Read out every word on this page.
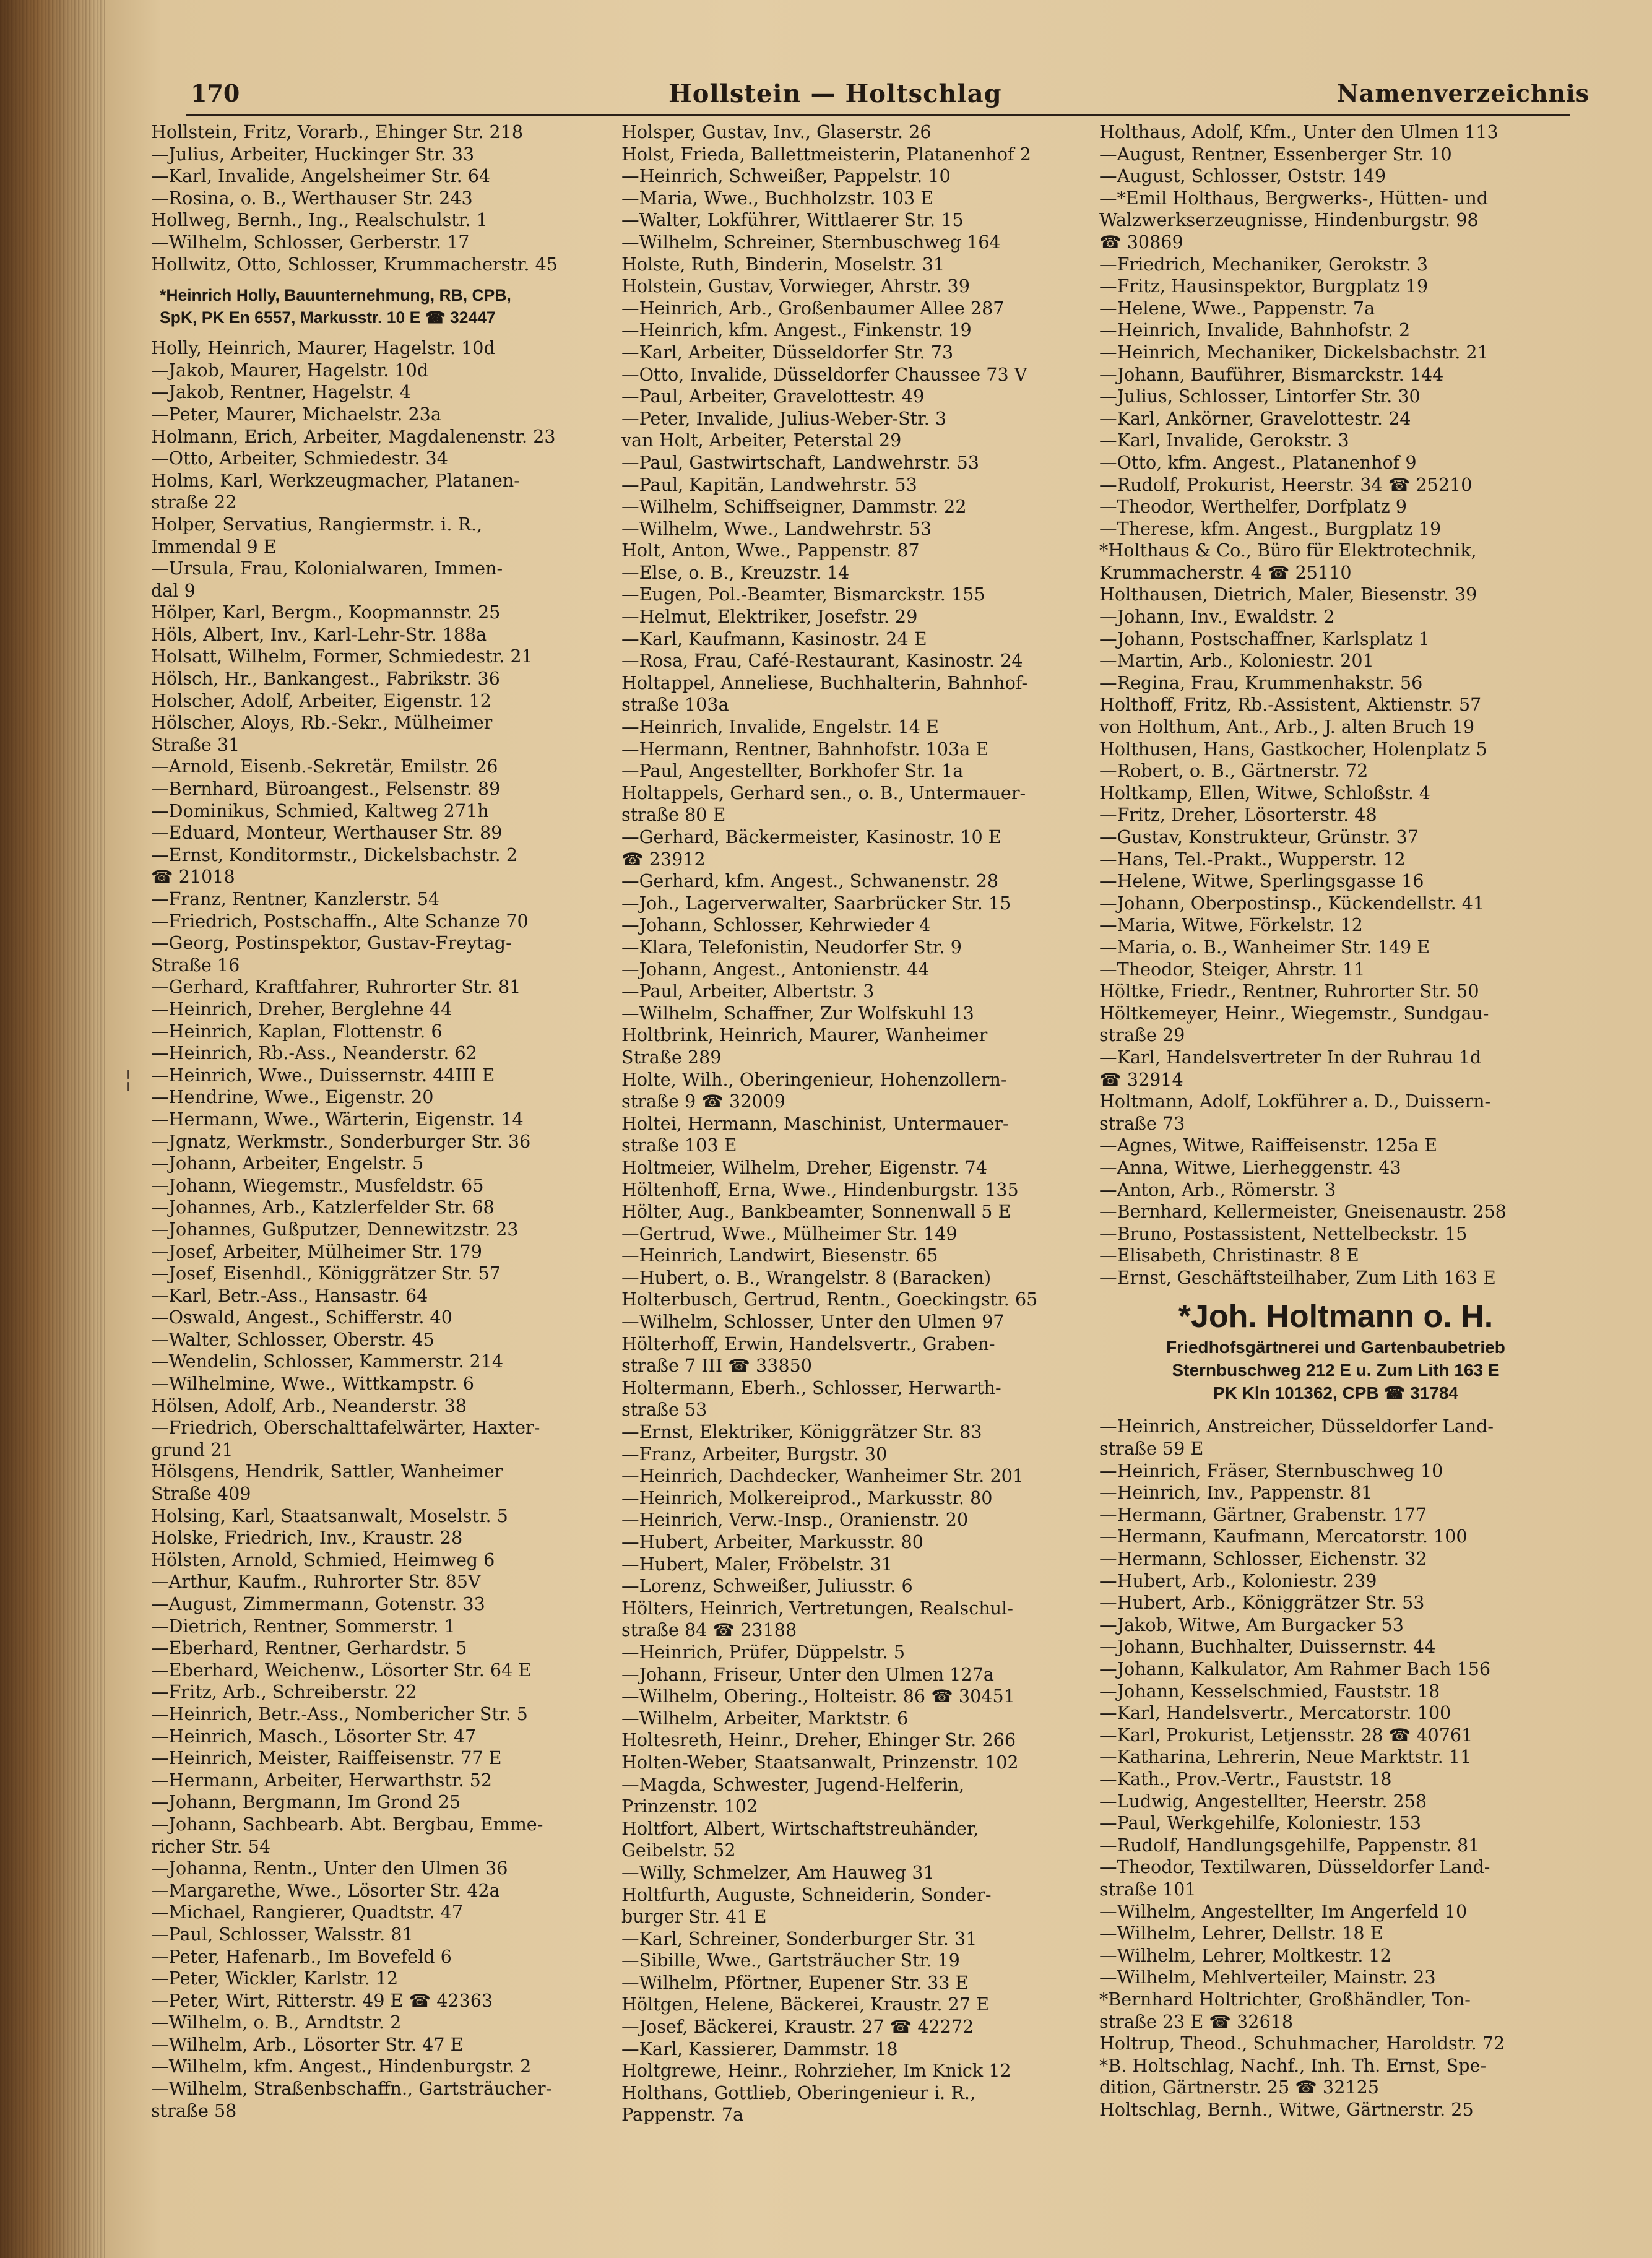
170	Hollstein — Holtschlag	Namenverzeichnis
Hollstein, Fritz, Vorarb., Ehinger Str. 218
—Julius, Arbeiter, Huckinger Str. 33
—Karl, Invalide, Angelsheimer Str. 64
—Rosina, o. B., Werthauser Str. 243
Hollweg, Bernh., Ing., Realschulstr. 1
—Wilhelm, Schlosser, Gerberstr. 17
Hollwitz, Otto, Schlosser, Krummacherstr. 45
*Heinrich Holly, Bauunternehmung, RB, CPB,
SpK, PK En 6557, Markusstr. 10 E ☎ 32447
Holly, Heinrich, Maurer, Hagelstr. 10d
—Jakob, Maurer, Hagelstr. 10d
—Jakob, Rentner, Hagelstr. 4
—Peter, Maurer, Michaelstr. 23a
Holmann, Erich, Arbeiter, Magdalenenstr. 23
—Otto, Arbeiter, Schmiedestr. 34
Holms, Karl, Werkzeugmacher, Platanen-
straße 22
Holper, Servatius, Rangiermstr. i. R.,
Immendal 9 E
—Ursula, Frau, Kolonialwaren, Immen-
dal 9
Hölper, Karl, Bergm., Koopmannstr. 25
Höls, Albert, Inv., Karl-Lehr-Str. 188a
Holsatt, Wilhelm, Former, Schmiedestr. 21
Hölsch, Hr., Bankangest., Fabrikstr. 36
Holscher, Adolf, Arbeiter, Eigenstr. 12
Hölscher, Aloys, Rb.-Sekr., Mülheimer
Straße 31
—Arnold, Eisenb.-Sekretär, Emilstr. 26
—Bernhard, Büroangest., Felsenstr. 89
—Dominikus, Schmied, Kaltweg 271h
—Eduard, Monteur, Werthauser Str. 89
—Ernst, Konditormstr., Dickelsbachstr. 2
☎ 21018
—Franz, Rentner, Kanzlerstr. 54
—Friedrich, Postschaffn., Alte Schanze 70
—Georg, Postinspektor, Gustav-Freytag-
Straße 16
—Gerhard, Kraftfahrer, Ruhrorter Str. 81
—Heinrich, Dreher, Berglehne 44
—Heinrich, Kaplan, Flottenstr. 6
—Heinrich, Rb.-Ass., Neanderstr. 62
—Heinrich, Wwe., Duissernstr. 44III E
—Hendrine, Wwe., Eigenstr. 20
—Hermann, Wwe., Wärterin, Eigenstr. 14
—Jgnatz, Werkmstr., Sonderburger Str. 36
—Johann, Arbeiter, Engelstr. 5
—Johann, Wiegemstr., Musfeldstr. 65
—Johannes, Arb., Katzlerfelder Str. 68
—Johannes, Gußputzer, Dennewitzstr. 23
—Josef, Arbeiter, Mülheimer Str. 179
—Josef, Eisenhdl., Königgrätzer Str. 57
—Karl, Betr.-Ass., Hansastr. 64
—Oswald, Angest., Schifferstr. 40
—Walter, Schlosser, Oberstr. 45
—Wendelin, Schlosser, Kammerstr. 214
—Wilhelmine, Wwe., Wittkampstr. 6
Hölsen, Adolf, Arb., Neanderstr. 38
—Friedrich, Oberschalttafelwärter, Haxter-
grund 21
Hölsgens, Hendrik, Sattler, Wanheimer
Straße 409
Holsing, Karl, Staatsanwalt, Moselstr. 5
Holske, Friedrich, Inv., Kraustr. 28
Hölsten, Arnold, Schmied, Heimweg 6
—Arthur, Kaufm., Ruhrorter Str. 85V
—August, Zimmermann, Gotenstr. 33
—Dietrich, Rentner, Sommerstr. 1
—Eberhard, Rentner, Gerhardstr. 5
—Eberhard, Weichenw., Lösorter Str. 64 E
—Fritz, Arb., Schreiberstr. 22
—Heinrich, Betr.-Ass., Nombericher Str. 5
—Heinrich, Masch., Lösorter Str. 47
—Heinrich, Meister, Raiffeisenstr. 77 E
—Hermann, Arbeiter, Herwarthstr. 52
—Johann, Bergmann, Im Grond 25
—Johann, Sachbearb. Abt. Bergbau, Emme-
richer Str. 54
—Johanna, Rentn., Unter den Ulmen 36
—Margarethe, Wwe., Lösorter Str. 42a
—Michael, Rangierer, Quadtstr. 47
—Paul, Schlosser, Walsstr. 81
—Peter, Hafenarb., Im Bovefeld 6
—Peter, Wickler, Karlstr. 12
—Peter, Wirt, Ritterstr. 49 E ☎ 42363
—Wilhelm, o. B., Arndtstr. 2
—Wilhelm, Arb., Lösorter Str. 47 E
—Wilhelm, kfm. Angest., Hindenburgstr. 2
—Wilhelm, Straßenbschaffn., Gartsträucher-
straße 58
Holsper, Gustav, Inv., Glaserstr. 26
Holst, Frieda, Ballettmeisterin, Platanenhof 2
—Heinrich, Schweißer, Pappelstr. 10
—Maria, Wwe., Buchholzstr. 103 E
—Walter, Lokführer, Wittlaerer Str. 15
—Wilhelm, Schreiner, Sternbuschweg 164
Holste, Ruth, Binderin, Moselstr. 31
Holstein, Gustav, Vorwieger, Ahrstr. 39
—Heinrich, Arb., Großenbaumer Allee 287
—Heinrich, kfm. Angest., Finkenstr. 19
—Karl, Arbeiter, Düsseldorfer Str. 73
—Otto, Invalide, Düsseldorfer Chaussee 73 V
—Paul, Arbeiter, Gravelottestr. 49
—Peter, Invalide, Julius-Weber-Str. 3
van Holt, Arbeiter, Peterstal 29
—Paul, Gastwirtschaft, Landwehrstr. 53
—Paul, Kapitän, Landwehrstr. 53
—Wilhelm, Schiffseigner, Dammstr. 22
—Wilhelm, Wwe., Landwehrstr. 53
Holt, Anton, Wwe., Pappenstr. 87
—Else, o. B., Kreuzstr. 14
—Eugen, Pol.-Beamter, Bismarckstr. 155
—Helmut, Elektriker, Josefstr. 29
—Karl, Kaufmann, Kasinostr. 24 E
—Rosa, Frau, Café-Restaurant, Kasinostr. 24
Holtappel, Anneliese, Buchhalterin, Bahnhof-
straße 103a
—Heinrich, Invalide, Engelstr. 14 E
—Hermann, Rentner, Bahnhofstr. 103a E
—Paul, Angestellter, Borkhofer Str. 1a
Holtappels, Gerhard sen., o. B., Untermauer-
straße 80 E
—Gerhard, Bäckermeister, Kasinostr. 10 E
☎ 23912
—Gerhard, kfm. Angest., Schwanenstr. 28
—Joh., Lagerverwalter, Saarbrücker Str. 15
—Johann, Schlosser, Kehrwieder 4
—Klara, Telefonistin, Neudorfer Str. 9
—Johann, Angest., Antonienstr. 44
—Paul, Arbeiter, Albertstr. 3
—Wilhelm, Schaffner, Zur Wolfskuhl 13
Holtbrink, Heinrich, Maurer, Wanheimer
Straße 289
Holte, Wilh., Oberingenieur, Hohenzollern-
straße 9 ☎ 32009
Holtei, Hermann, Maschinist, Untermauer-
straße 103 E
Holtmeier, Wilhelm, Dreher, Eigenstr. 74
Höltenhoff, Erna, Wwe., Hindenburgstr. 135
Hölter, Aug., Bankbeamter, Sonnenwall 5 E
—Gertrud, Wwe., Mülheimer Str. 149
—Heinrich, Landwirt, Biesenstr. 65
—Hubert, o. B., Wrangelstr. 8 (Baracken)
Holterbusch, Gertrud, Rentn., Goeckingstr. 65
—Wilhelm, Schlosser, Unter den Ulmen 97
Hölterhoff, Erwin, Handelsvertr., Graben-
straße 7 III ☎ 33850
Holtermann, Eberh., Schlosser, Herwarth-
straße 53
—Ernst, Elektriker, Königgrätzer Str. 83
—Franz, Arbeiter, Burgstr. 30
—Heinrich, Dachdecker, Wanheimer Str. 201
—Heinrich, Molkereiprod., Markusstr. 80
—Heinrich, Verw.-Insp., Oranienstr. 20
—Hubert, Arbeiter, Markusstr. 80
—Hubert, Maler, Fröbelstr. 31
—Lorenz, Schweißer, Juliusstr. 6
Hölters, Heinrich, Vertretungen, Realschul-
straße 84 ☎ 23188
—Heinrich, Prüfer, Düppelstr. 5
—Johann, Friseur, Unter den Ulmen 127a
—Wilhelm, Obering., Holteistr. 86 ☎ 30451
—Wilhelm, Arbeiter, Marktstr. 6
Holtesreth, Heinr., Dreher, Ehinger Str. 266
Holten-Weber, Staatsanwalt, Prinzenstr. 102
—Magda, Schwester, Jugend-Helferin,
Prinzenstr. 102
Holtfort, Albert, Wirtschaftstreuhänder,
Geibelstr. 52
—Willy, Schmelzer, Am Hauweg 31
Holtfurth, Auguste, Schneiderin, Sonder-
burger Str. 41 E
—Karl, Schreiner, Sonderburger Str. 31
—Sibille, Wwe., Gartsträucher Str. 19
—Wilhelm, Pförtner, Eupener Str. 33 E
Höltgen, Helene, Bäckerei, Kraustr. 27 E
—Josef, Bäckerei, Kraustr. 27 ☎ 42272
—Karl, Kassierer, Dammstr. 18
Holtgrewe, Heinr., Rohrzieher, Im Knick 12
Holthans, Gottlieb, Oberingenieur i. R.,
Pappenstr. 7a
Holthaus, Adolf, Kfm., Unter den Ulmen 113
—August, Rentner, Essenberger Str. 10
—August, Schlosser, Oststr. 149
—*Emil Holthaus, Bergwerks-, Hütten- und
Walzwerkserzeugnisse, Hindenburgstr. 98
☎ 30869
—Friedrich, Mechaniker, Gerokstr. 3
—Fritz, Hausinspektor, Burgplatz 19
—Helene, Wwe., Pappenstr. 7a
—Heinrich, Invalide, Bahnhofstr. 2
—Heinrich, Mechaniker, Dickelsbachstr. 21
—Johann, Bauführer, Bismarckstr. 144
—Julius, Schlosser, Lintorfer Str. 30
—Karl, Ankörner, Gravelottestr. 24
—Karl, Invalide, Gerokstr. 3
—Otto, kfm. Angest., Platanenhof 9
—Rudolf, Prokurist, Heerstr. 34 ☎ 25210
—Theodor, Werthelfer, Dorfplatz 9
—Therese, kfm. Angest., Burgplatz 19
*Holthaus & Co., Büro für Elektrotechnik,
Krummacherstr. 4 ☎ 25110
Holthausen, Dietrich, Maler, Biesenstr. 39
—Johann, Inv., Ewaldstr. 2
—Johann, Postschaffner, Karlsplatz 1
—Martin, Arb., Koloniestr. 201
—Regina, Frau, Krummenhakstr. 56
Holthoff, Fritz, Rb.-Assistent, Aktienstr. 57
von Holthum, Ant., Arb., J. alten Bruch 19
Holthusen, Hans, Gastkocher, Holenplatz 5
—Robert, o. B., Gärtnerstr. 72
Holtkamp, Ellen, Witwe, Schloßstr. 4
—Fritz, Dreher, Lösorterstr. 48
—Gustav, Konstrukteur, Grünstr. 37
—Hans, Tel.-Prakt., Wupperstr. 12
—Helene, Witwe, Sperlingsgasse 16
—Johann, Oberpostinsp., Kückendellstr. 41
—Maria, Witwe, Förkelstr. 12
—Maria, o. B., Wanheimer Str. 149 E
—Theodor, Steiger, Ahrstr. 11
Höltke, Friedr., Rentner, Ruhrorter Str. 50
Höltkemeyer, Heinr., Wiegemstr., Sundgau-
straße 29
—Karl, Handelsvertreter In der Ruhrau 1d
☎ 32914
Holtmann, Adolf, Lokführer a. D., Duissern-
straße 73
—Agnes, Witwe, Raiffeisenstr. 125a E
—Anna, Witwe, Lierheggenstr. 43
—Anton, Arb., Römerstr. 3
—Bernhard, Kellermeister, Gneisenaustr. 258
—Bruno, Postassistent, Nettelbeckstr. 15
—Elisabeth, Christinastr. 8 E
—Ernst, Geschäftsteilhaber, Zum Lith 163 E
*Joh. Holtmann o. H.
Friedhofsgärtnerei und Gartenbaubetrieb
Sternbuschweg 212 E u. Zum Lith 163 E
PK Kln 101362, CPB ☎ 31784
—Heinrich, Anstreicher, Düsseldorfer Land-
straße 59 E
—Heinrich, Fräser, Sternbuschweg 10
—Heinrich, Inv., Pappenstr. 81
—Hermann, Gärtner, Grabenstr. 177
—Hermann, Kaufmann, Mercatorstr. 100
—Hermann, Schlosser, Eichenstr. 32
—Hubert, Arb., Koloniestr. 239
—Hubert, Arb., Königgrätzer Str. 53
—Jakob, Witwe, Am Burgacker 53
—Johann, Buchhalter, Duissernstr. 44
—Johann, Kalkulator, Am Rahmer Bach 156
—Johann, Kesselschmied, Fauststr. 18
—Karl, Handelsvertr., Mercatorstr. 100
—Karl, Prokurist, Letjensstr. 28 ☎ 40761
—Katharina, Lehrerin, Neue Marktstr. 11
—Kath., Prov.-Vertr., Fauststr. 18
—Ludwig, Angestellter, Heerstr. 258
—Paul, Werkgehilfe, Koloniestr. 153
—Rudolf, Handlungsgehilfe, Pappenstr. 81
—Theodor, Textilwaren, Düsseldorfer Land-
straße 101
—Wilhelm, Angestellter, Im Angerfeld 10
—Wilhelm, Lehrer, Dellstr. 18 E
—Wilhelm, Lehrer, Moltkestr. 12
—Wilhelm, Mehlverteiler, Mainstr. 23
*Bernhard Holtrichter, Großhändler, Ton-
straße 23 E ☎ 32618
Holtrup, Theod., Schuhmacher, Haroldstr. 72
*B. Holtschlag, Nachf., Inh. Th. Ernst, Spe-
dition, Gärtnerstr. 25 ☎ 32125
Holtschlag, Bernh., Witwe, Gärtnerstr. 25
¦
